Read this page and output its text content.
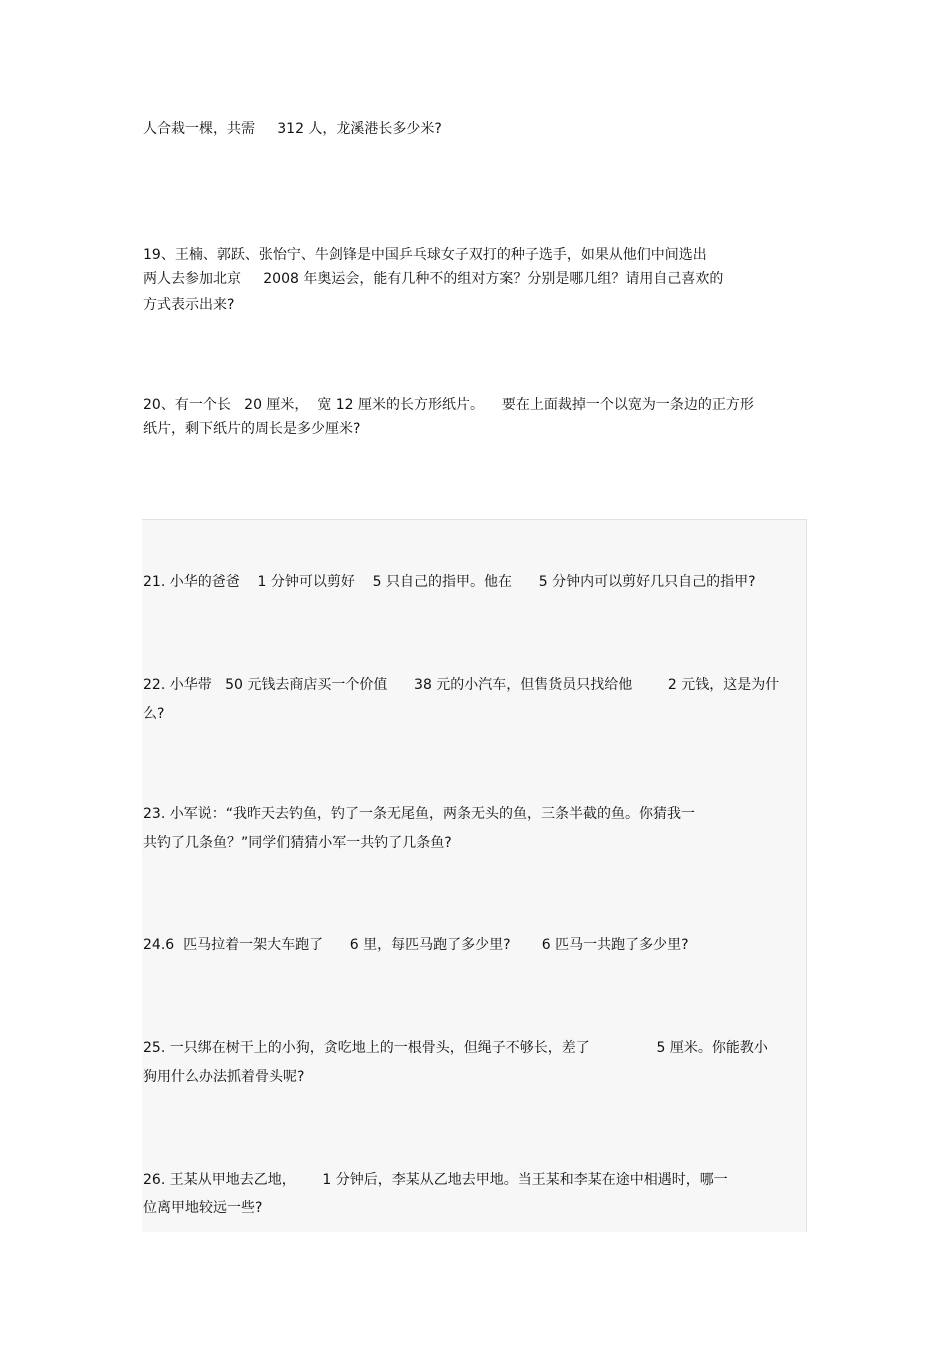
人合栽一棵，共需     312 人，龙溪港长多少米?

19、王楠、郭跃、张怡宁、牛剑锋是中国乒乓球女子双打的种子选手，如果从他们中间选出

两人去参加北京     2008 年奥运会，能有几种不的组对方案？分别是哪几组？请用自己喜欢的

方式表示出来?

20、有一个长   20 厘米，  宽 12 厘米的长方形纸片。    要在上面裁掉一个以宽为一条边的正方形

纸片，剩下纸片的周长是多少厘米?

21. 小华的爸爸    1 分钟可以剪好    5 只自己的指甲。他在      5 分钟内可以剪好几只自己的指甲?

22. 小华带   50 元钱去商店买一个价值      38 元的小汽车，但售货员只找给他        2 元钱，这是为什

么?

23. 小军说：“我昨天去钓鱼，钓了一条无尾鱼，两条无头的鱼，三条半截的鱼。你猜我一

共钓了几条鱼？”同学们猜猜小军一共钓了几条鱼?

24.6  匹马拉着一架大车跑了      6 里，每匹马跑了多少里?       6 匹马一共跑了多少里?

25. 一只绑在树干上的小狗，贪吃地上的一根骨头，但绳子不够长，差了               5 厘米。你能教小

狗用什么办法抓着骨头呢?

26. 王某从甲地去乙地，      1 分钟后，李某从乙地去甲地。当王某和李某在途中相遇时，哪一

位离甲地较远一些?
